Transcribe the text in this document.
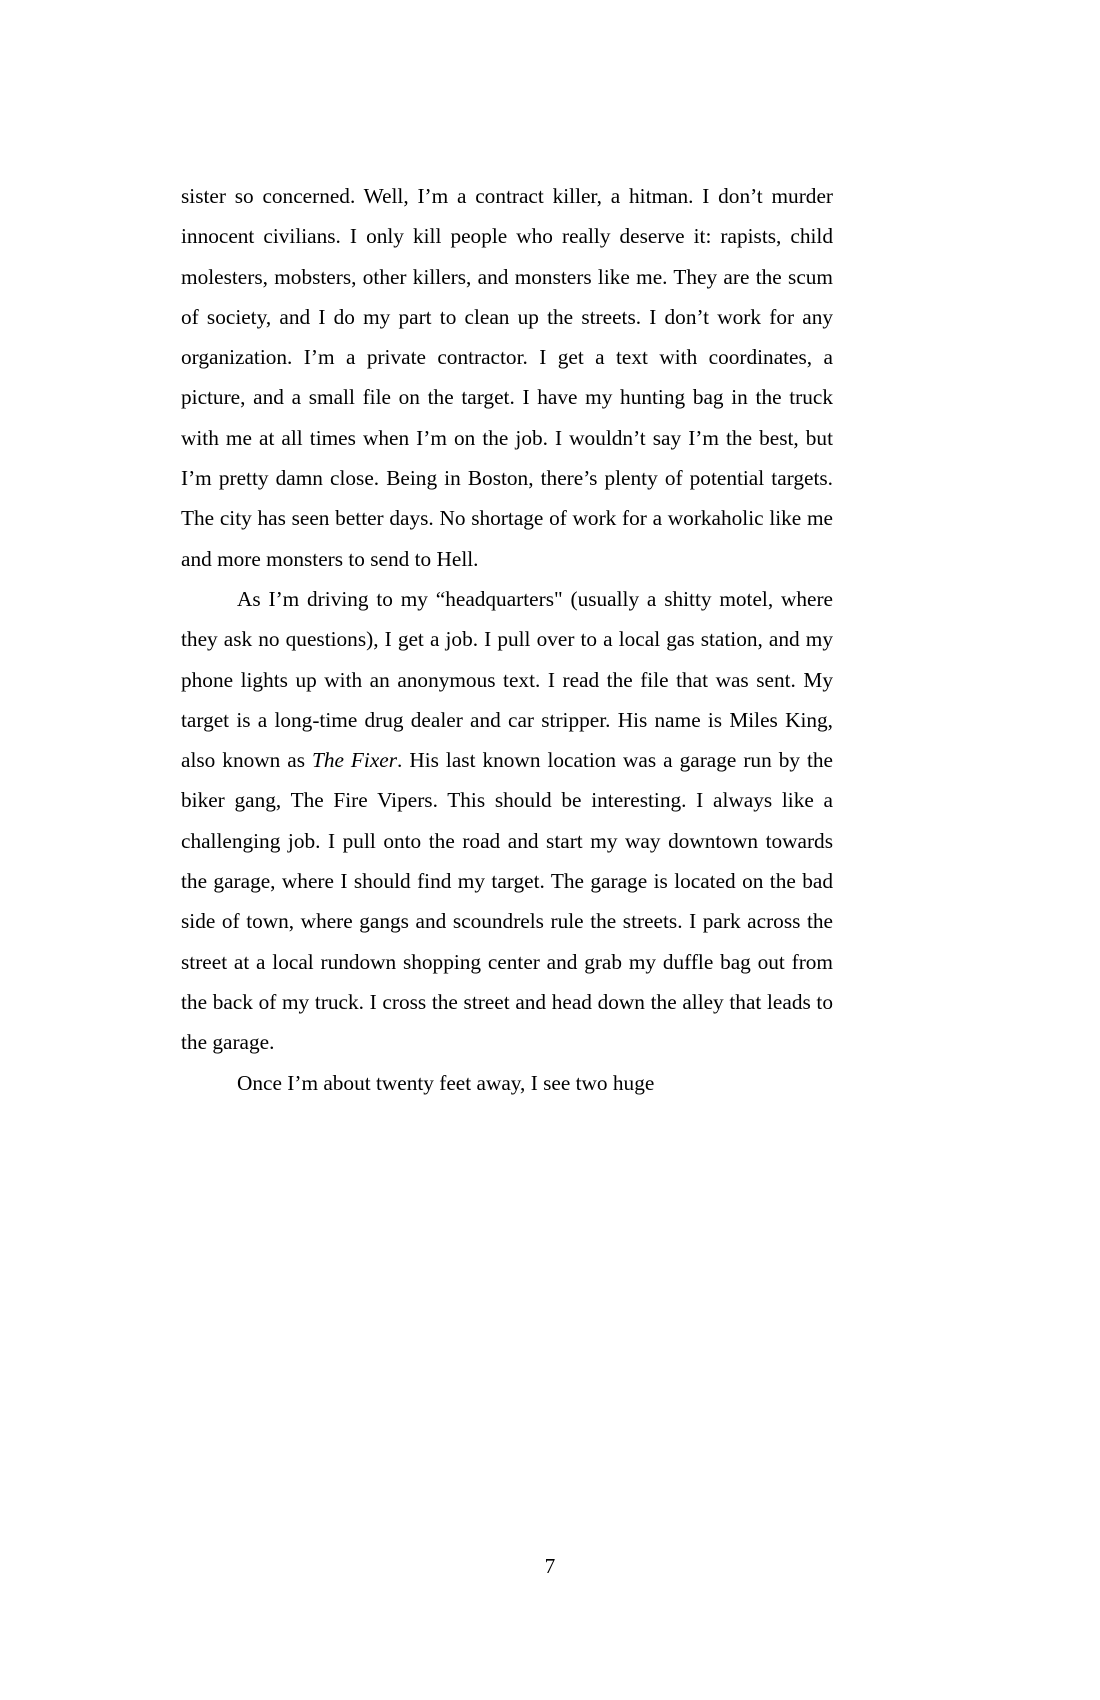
sister so concerned. Well, I’m a contract killer, a hitman. I don’t murder innocent civilians. I only kill people who really deserve it: rapists, child molesters, mobsters, other killers, and monsters like me. They are the scum of society, and I do my part to clean up the streets. I don’t work for any organization. I’m a private contractor. I get a text with coordinates, a picture, and a small file on the target. I have my hunting bag in the truck with me at all times when I’m on the job. I wouldn’t say I’m the best, but I’m pretty damn close. Being in Boston, there’s plenty of potential targets. The city has seen better days. No shortage of work for a workaholic like me and more monsters to send to Hell.

As I’m driving to my “headquarters" (usually a shitty motel, where they ask no questions), I get a job. I pull over to a local gas station, and my phone lights up with an anonymous text. I read the file that was sent. My target is a long-time drug dealer and car stripper. His name is Miles King, also known as The Fixer. His last known location was a garage run by the biker gang, The Fire Vipers. This should be interesting. I always like a challenging job. I pull onto the road and start my way downtown towards the garage, where I should find my target. The garage is located on the bad side of town, where gangs and scoundrels rule the streets. I park across the street at a local rundown shopping center and grab my duffle bag out from the back of my truck. I cross the street and head down the alley that leads to the garage.

Once I’m about twenty feet away, I see two huge

7
